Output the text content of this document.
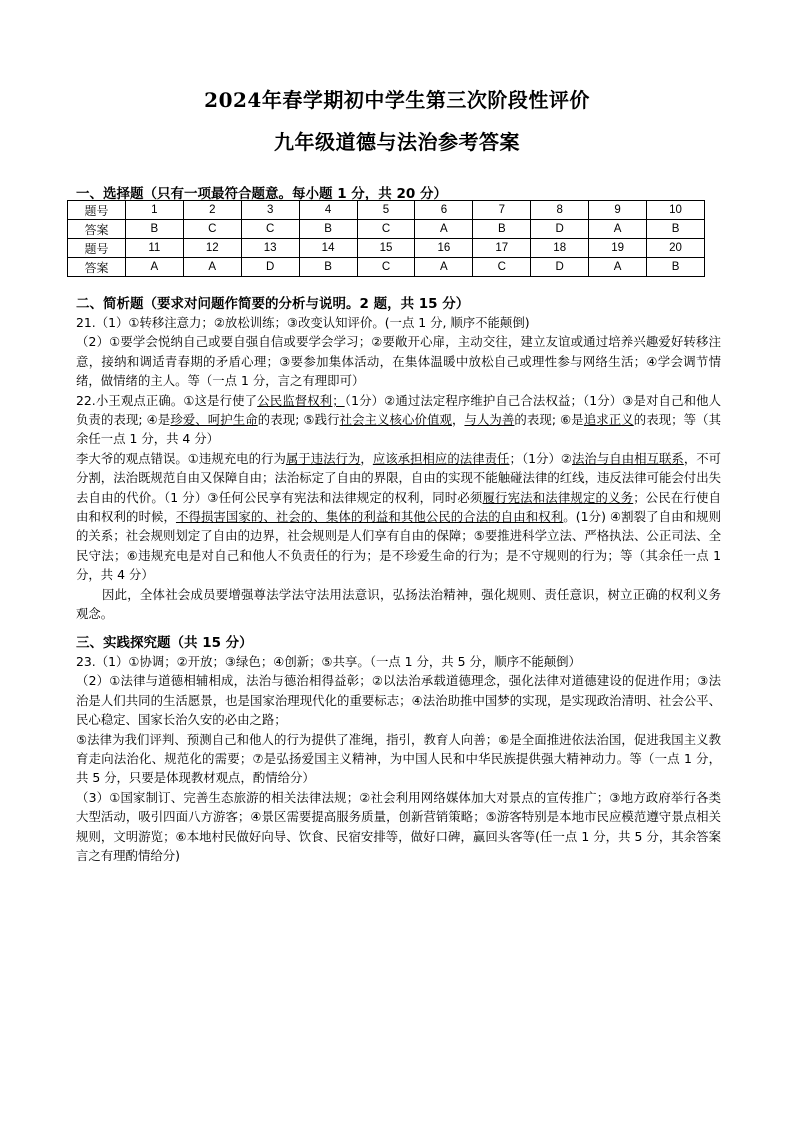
2024年春学期初中学生第三次阶段性评价
九年级道德与法治参考答案
一、选择题（只有一项最符合题意。每小题 1 分，共 20 分）
题号	1	2	3	4	5	6	7	8	9	10
答案	B	C	C	B	C	A	B	D	A	B
题号	11	12	13	14	15	16	17	18	19	20
答案	A	A	D	B	C	A	C	D	A	B
二、简析题（要求对问题作简要的分析与说明。2 题，共 15 分）

21.（1）①转移注意力；②放松训练；③改变认知评价。(一点 1 分, 顺序不能颠倒)

（2）①要学会悦纳自己或要自强自信或要学会学习；②要敞开心扉，主动交往，建立友谊或通过培养兴趣爱好转移注意，接纳和调适青春期的矛盾心理；③要参加集体活动，在集体温暖中放松自己或理性参与网络生活；④学会调节情绪，做情绪的主人。等（一点 1 分，言之有理即可）

22.小王观点正确。①这是行使了公民监督权利；（1分）②通过法定程序维护自己合法权益；（1分）③是对自己和他人负责的表现; ④是珍爱、呵护生命的表现; ⑤践行社会主义核心价值观，与人为善的表现; ⑥是追求正义的表现；等（其余任一点 1 分，共 4 分）

李大爷的观点错误。①违规充电的行为属于违法行为，应该承担相应的法律责任；（1分）②法治与自由相互联系，不可分割，法治既规范自由又保障自由；法治标定了自由的界限，自由的实现不能触碰法律的红线，违反法律可能会付出失去自由的代价。（1 分）③任何公民享有宪法和法律规定的权利，同时必须履行宪法和法律规定的义务；公民在行使自由和权利的时候，不得损害国家的、社会的、集体的利益和其他公民的合法的自由和权利。(1分) ④割裂了自由和规则的关系；社会规则划定了自由的边界，社会规则是人们享有自由的保障；⑤要推进科学立法、严格执法、公正司法、全民守法；⑥违规充电是对自己和他人不负责任的行为；是不珍爱生命的行为；是不守规则的行为；等（其余任一点 1 分，共 4 分）

因此，全体社会成员要增强尊法学法守法用法意识，弘扬法治精神，强化规则、责任意识，树立正确的权利义务观念。

三、实践探究题（共 15 分）

23.（1）①协调；②开放；③绿色；④创新；⑤共享。（一点 1 分，共 5 分，顺序不能颠倒）

（2）①法律与道德相辅相成，法治与德治相得益彰；②以法治承载道德理念，强化法律对道德建设的促进作用；③法治是人们共同的生活愿景，也是国家治理现代化的重要标志；④法治助推中国梦的实现，是实现政治清明、社会公平、民心稳定、国家长治久安的必由之路；

⑤法律为我们评判、预测自己和他人的行为提供了准绳，指引，教育人向善；⑥是全面推进依法治国，促进我国主义教育走向法治化、规范化的需要；⑦是弘扬爱国主义精神，为中国人民和中华民族提供强大精神动力。等（一点 1 分，共 5 分，只要是体现教材观点，酌情给分）

（3）①国家制订、完善生态旅游的相关法律法规；②社会利用网络媒体加大对景点的宣传推广；③地方政府举行各类大型活动，吸引四面八方游客；④景区需要提高服务质量，创新营销策略；⑤游客特别是本地市民应模范遵守景点相关规则，文明游览；⑥本地村民做好向导、饮食、民宿安排等，做好口碑，赢回头客等(任一点 1 分，共 5 分，其余答案言之有理酌情给分)
